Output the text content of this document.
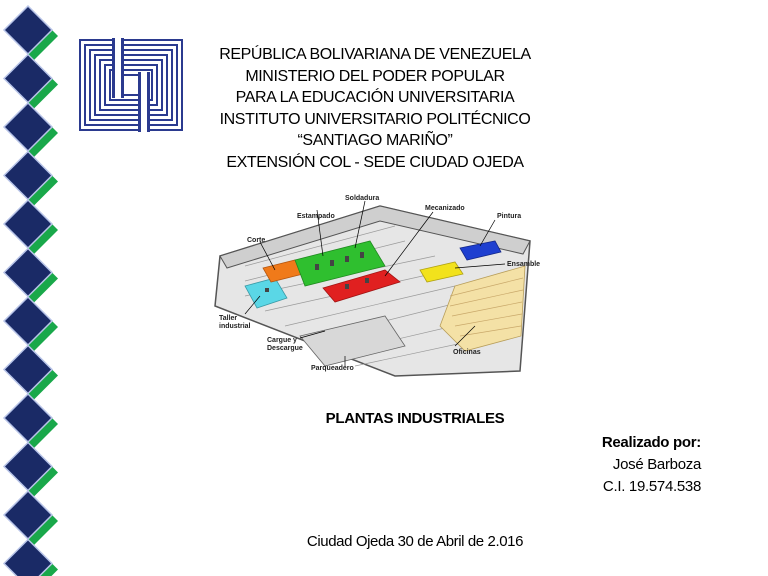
REPÚBLICA BOLIVARIANA DE VENEZUELA
MINISTERIO DEL PODER POPULAR
PARA LA EDUCACIÓN UNIVERSITARIA
INSTITUTO UNIVERSITARIO POLITÉCNICO
“SANTIAGO MARIÑO”
EXTENSIÓN COL - SEDE CIUDAD OJEDA
Soldadura
Estampado
Mecanizado
Pintura
Corte
Ensamble
Taller
industrial
Cargue y
Descargue
Oficinas
Parqueadero
PLANTAS INDUSTRIALES
Realizado por:
José Barboza
C.I. 19.574.538
Ciudad Ojeda 30 de Abril de 2.016
